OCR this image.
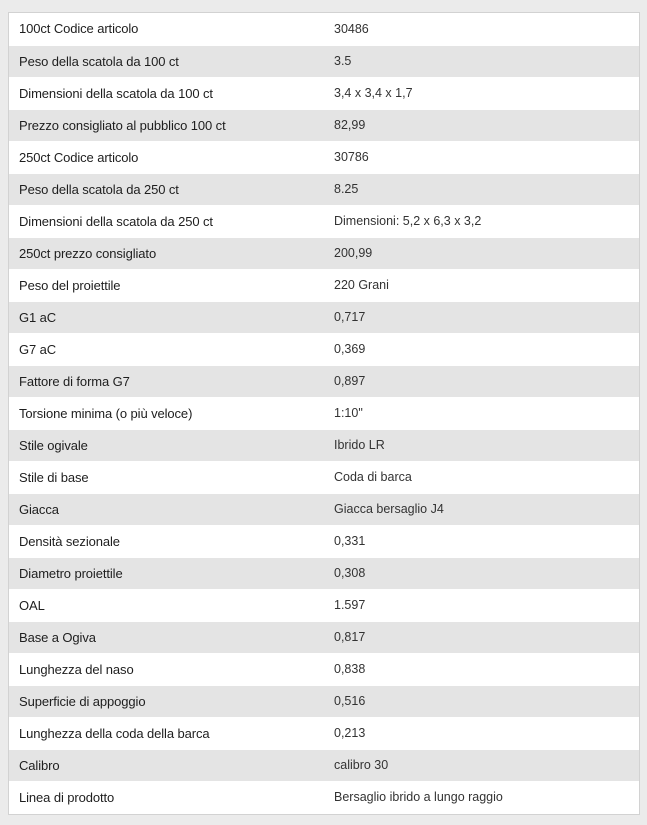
100ct Codice articolo	30486
Peso della scatola da 100 ct	3.5
Dimensioni della scatola da 100 ct	3,4 x 3,4 x 1,7
Prezzo consigliato al pubblico 100 ct	82,99
250ct Codice articolo	30786
Peso della scatola da 250 ct	8.25
Dimensioni della scatola da 250 ct	Dimensioni: 5,2 x 6,3 x 3,2
250ct prezzo consigliato	200,99
Peso del proiettile	220 Grani
G1 aC	0,717
G7 aC	0,369
Fattore di forma G7	0,897
Torsione minima (o più veloce)	1:10"
Stile ogivale	Ibrido LR
Stile di base	Coda di barca
Giacca	Giacca bersaglio J4
Densità sezionale	0,331
Diametro proiettile	0,308
OAL	1.597
Base a Ogiva	0,817
Lunghezza del naso	0,838
Superficie di appoggio	0,516
Lunghezza della coda della barca	0,213
Calibro	calibro 30
Linea di prodotto	Bersaglio ibrido a lungo raggio
